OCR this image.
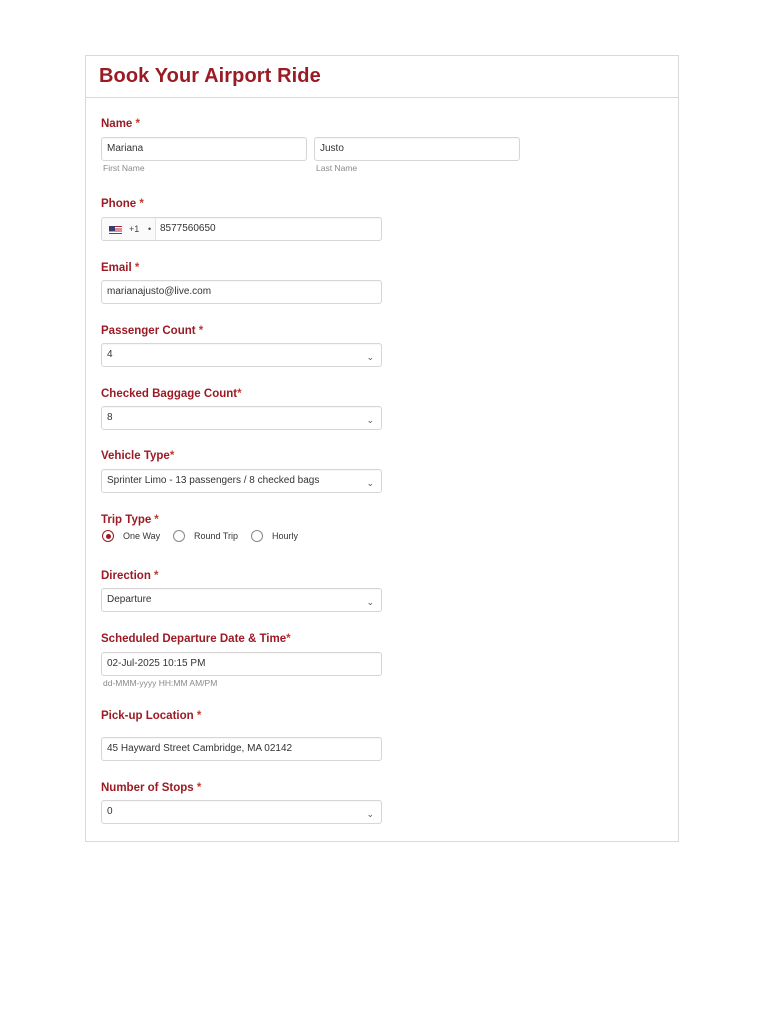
Book Your Airport Ride
Name *
Mariana
First Name
Justo
Last Name
Phone *
+1 • 8577560650
Email *
marianajusto@live.com
Passenger Count *
4	⌄
Checked Baggage Count*
8	⌄
Vehicle Type*
Sprinter Limo - 13 passengers / 8 checked bags	⌄
Trip Type *
One Way	Round Trip	Hourly
Direction *
Departure	⌄
Scheduled Departure Date & Time*
02-Jul-2025 10:15 PM
dd-MMM-yyyy HH:MM AM/PM
Pick-up Location *
45 Hayward Street Cambridge, MA 02142
Number of Stops *
0	⌄
